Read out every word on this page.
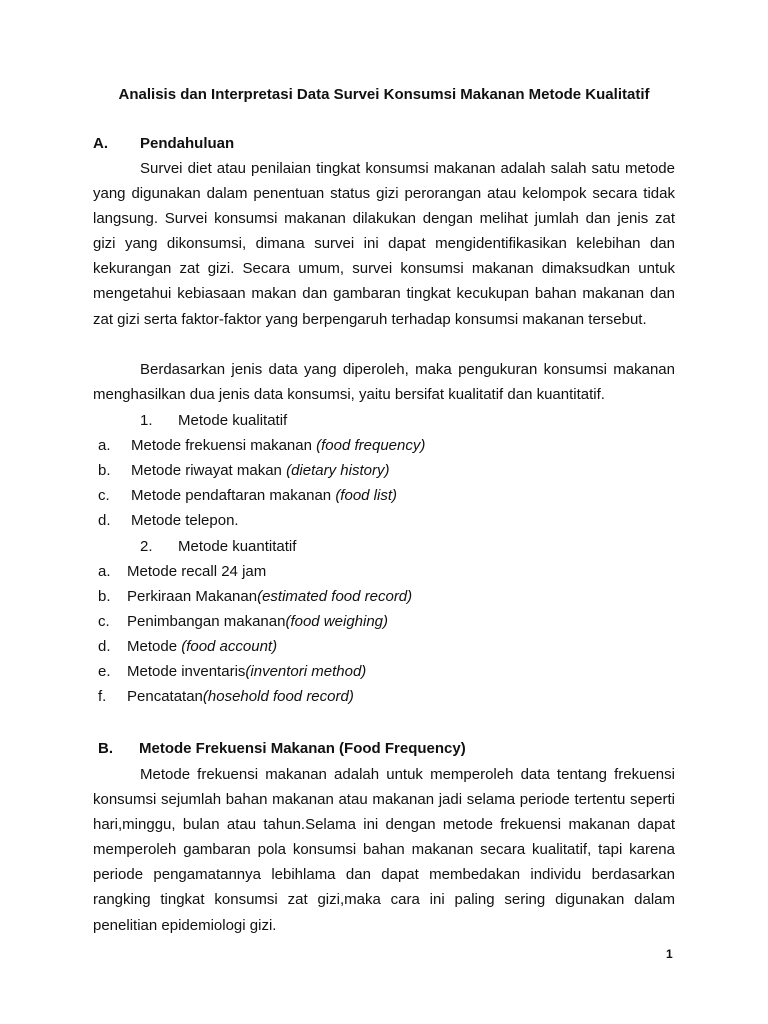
Analisis dan Interpretasi Data Survei Konsumsi Makanan Metode Kualitatif
A. Pendahuluan

Survei diet atau penilaian tingkat konsumsi makanan adalah salah satu metode yang digunakan dalam penentuan status gizi perorangan atau kelompok secara tidak langsung. Survei konsumsi makanan dilakukan dengan melihat jumlah dan jenis zat gizi yang dikonsumsi, dimana survei ini dapat mengidentifikasikan kelebihan dan kekurangan zat gizi. Secara umum, survei konsumsi makanan dimaksudkan untuk mengetahui kebiasaan makan dan gambaran tingkat kecukupan bahan makanan dan zat gizi serta faktor-faktor yang berpengaruh terhadap konsumsi makanan tersebut.

Berdasarkan jenis data yang diperoleh, maka pengukuran konsumsi makanan menghasilkan dua jenis data konsumsi, yaitu bersifat kualitatif dan kuantitatif.

1. Metode kualitatif
a. Metode frekuensi makanan (food frequency)
b. Metode riwayat makan (dietary history)
c. Metode pendaftaran makanan (food list)
d. Metode telepon.
2. Metode kuantitatif
a. Metode recall 24 jam
b. Perkiraan Makanan(estimated food record)
c. Penimbangan makanan(food weighing)
d. Metode (food account)
e. Metode inventaris(inventori method)
f. Pencatatan(hosehold food record)
B. Metode Frekuensi Makanan (Food Frequency)

Metode frekuensi makanan adalah untuk memperoleh data tentang frekuensi konsumsi sejumlah bahan makanan atau makanan jadi selama periode tertentu seperti hari,minggu, bulan atau tahun.Selama ini dengan metode frekuensi makanan dapat memperoleh gambaran pola konsumsi bahan makanan secara kualitatif, tapi karena periode pengamatannya lebihlama dan dapat membedakan individu berdasarkan rangking tingkat konsumsi zat gizi,maka cara ini paling sering digunakan dalam penelitian epidemiologi gizi.

1
